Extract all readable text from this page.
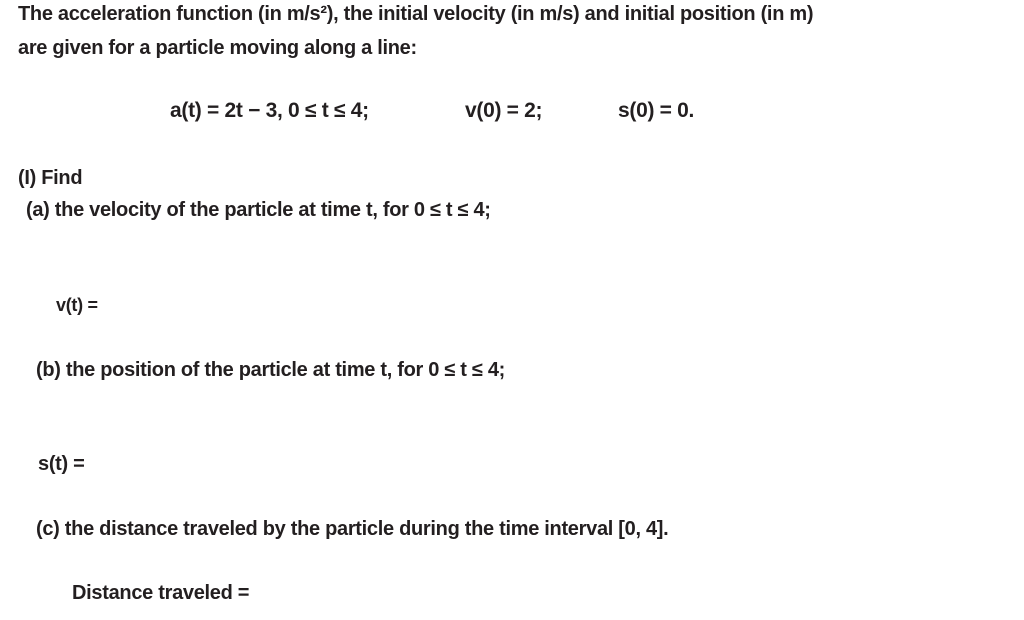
The acceleration function (in m/s²), the initial velocity (in m/s) and initial position (in m)
are given for a particle moving along a line:
a(t) = 2t − 3, 0 ≤ t ≤ 4;	v(0) = 2;	s(0) = 0.
(I) Find
(a) the velocity of the particle at time t, for 0 ≤ t ≤ 4;
v(t) =
(b) the position of the particle at time t, for 0 ≤ t ≤ 4;
s(t) =
(c) the distance traveled by the particle during the time interval [0, 4].
Distance traveled =
